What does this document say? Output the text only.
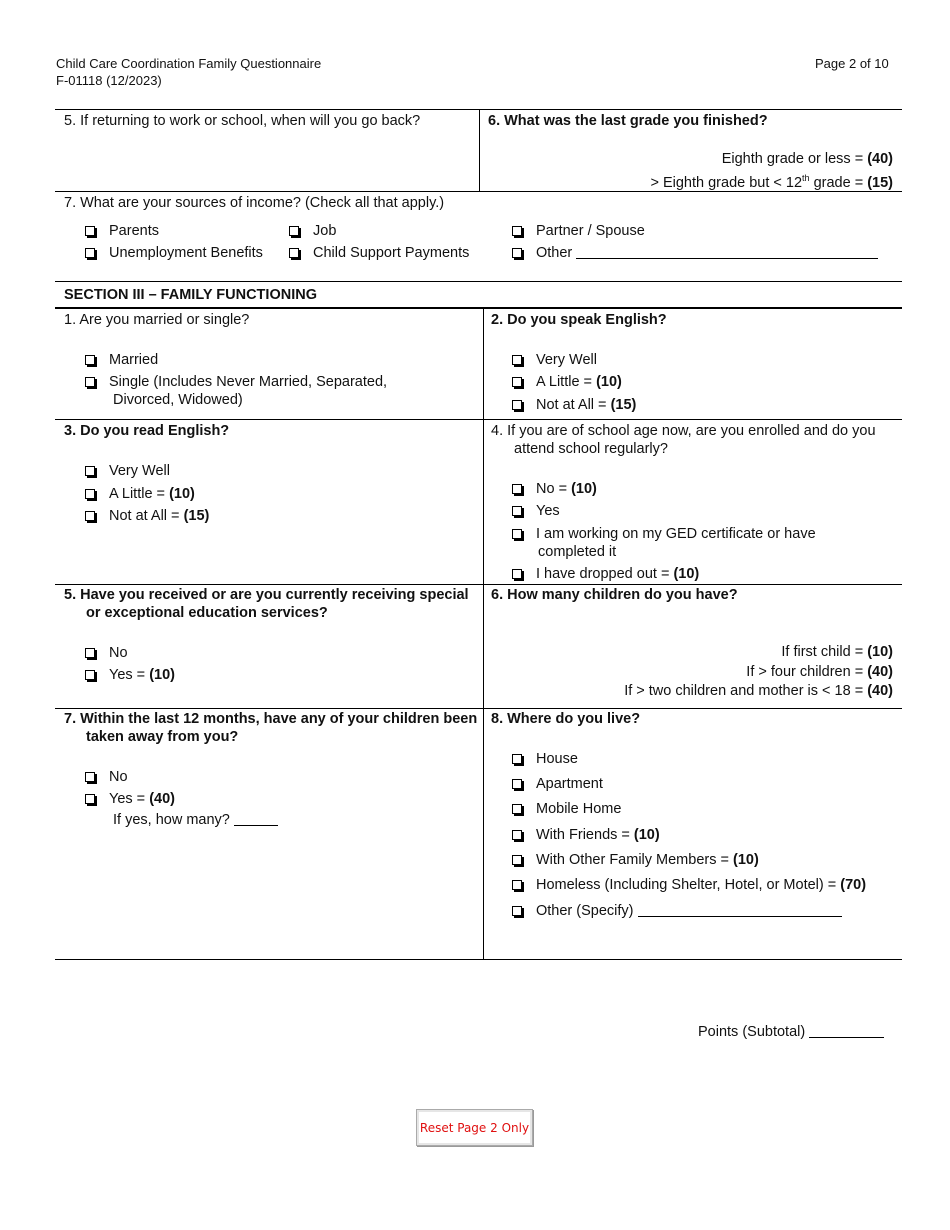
Child Care Coordination Family Questionnaire
F-01118 (12/2023)
Page 2 of 10
5. If returning to work or school, when will you go back?	6. What was the last grade you finished?
Eighth grade or less = (40)
> Eighth grade but < 12th grade = (15)
7. What are your sources of income? (Check all that apply.)
Parents	Job	Partner / Spouse
Unemployment Benefits	Child Support Payments	Other
SECTION III – FAMILY FUNCTIONING
1. Are you married or single?
Married
Single (Includes Never Married, Separated, Divorced, Widowed)
2. Do you speak English?
Very Well
A Little = (10)
Not at All = (15)
3. Do you read English?
Very Well
A Little = (10)
Not at All = (15)
4. If you are of school age now, are you enrolled and do you attend school regularly?
No = (10)
Yes
I am working on my GED certificate or have completed it
I have dropped out = (10)
5. Have you received or are you currently receiving special or exceptional education services?
No
Yes = (10)
6. How many children do you have?
If first child = (10)
If > four children = (40)
If > two children and mother is < 18 = (40)
7. Within the last 12 months, have any of your children been taken away from you?
No
Yes = (40)
If yes, how many?
8. Where do you live?
House
Apartment
Mobile Home
With Friends = (10)
With Other Family Members = (10)
Homeless (Including Shelter, Hotel, or Motel) = (70)
Other (Specify)
Points (Subtotal)
Reset Page 2 Only
